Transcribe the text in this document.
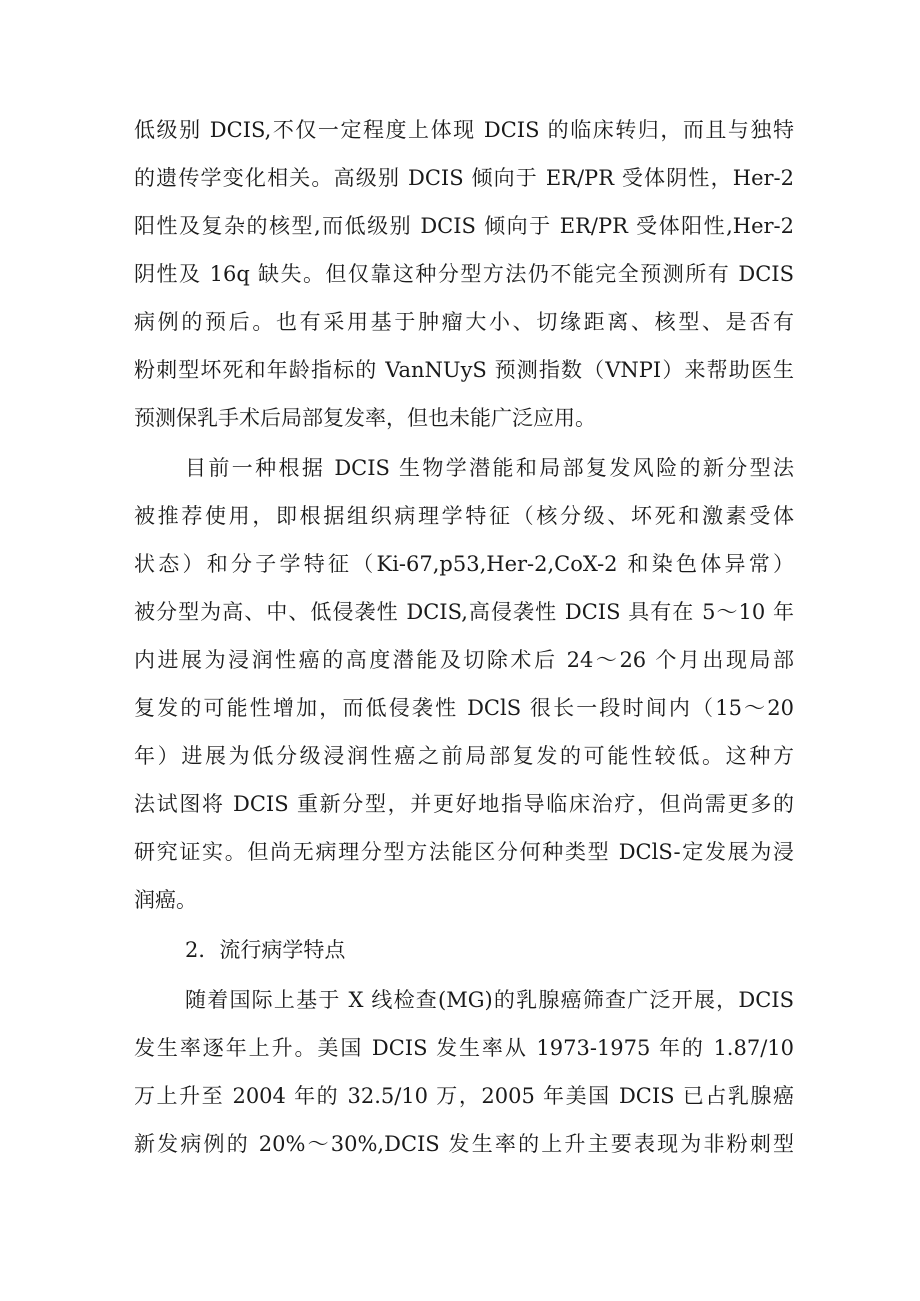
低级别 DCIS,不仅一定程度上体现 DCIS 的临床转归，而且与独特
的遗传学变化相关。高级别 DCIS 倾向于 ER/PR 受体阴性，Her-2
阳性及复杂的核型,而低级别 DCIS 倾向于 ER/PR 受体阳性,Her-2
阴性及 16q 缺失。但仅靠这种分型方法仍不能完全预测所有 DCIS
病例的预后。也有采用基于肿瘤大小、切缘距离、核型、是否有
粉刺型坏死和年龄指标的 VanNUyS 预测指数（VNPI）来帮助医生
预测保乳手术后局部复发率，但也未能广泛应用。
目前一种根据 DCIS 生物学潜能和局部复发风险的新分型法
被推荐使用，即根据组织病理学特征（核分级、坏死和激素受体
状态）和分子学特征（Ki-67,p53,Her-2,CoX-2 和染色体异常）
被分型为高、中、低侵袭性 DCIS,高侵袭性 DCIS 具有在 5～10 年
内进展为浸润性癌的高度潜能及切除术后 24～26 个月出现局部
复发的可能性增加，而低侵袭性 DClS 很长一段时间内（15～20
年）进展为低分级浸润性癌之前局部复发的可能性较低。这种方
法试图将 DCIS 重新分型，并更好地指导临床治疗，但尚需更多的
研究证实。但尚无病理分型方法能区分何种类型 DClS-定发展为浸
润癌。
2．流行病学特点
随着国际上基于 X 线检查(MG)的乳腺癌筛查广泛开展，DCIS
发生率逐年上升。美国 DCIS 发生率从 1973-1975 年的 1.87/10
万上升至 2004 年的 32.5/10 万，2005 年美国 DCIS 已占乳腺癌
新发病例的 20%～30%,DCIS 发生率的上升主要表现为非粉刺型
